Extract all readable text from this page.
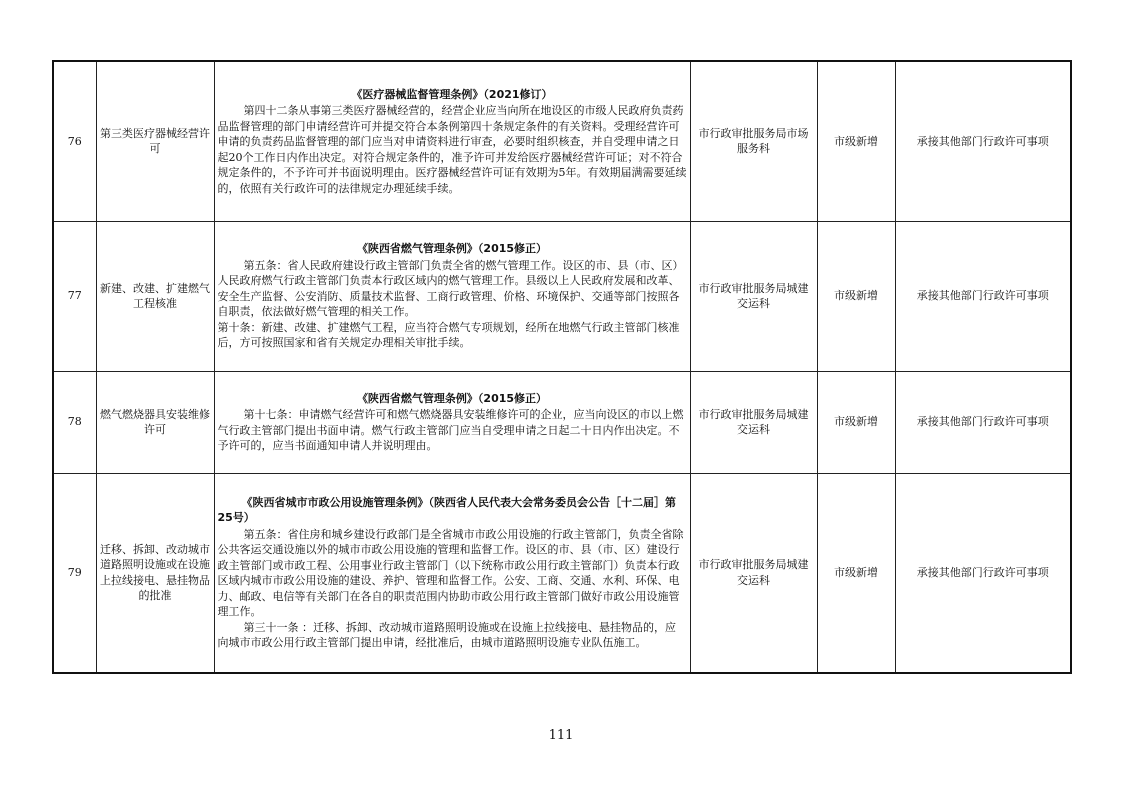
76	第三类医疗器械经营许可	《医疗器械监督管理条例》（2021修订）

第四十二条从事第三类医疗器械经营的，经营企业应当向所在地设区的市级人民政府负责药品监督管理的部门申请经营许可并提交符合本条例第四十条规定条件的有关资料。受理经营许可申请的负责药品监督管理的部门应当对申请资料进行审查，必要时组织核查，并自受理申请之日起20个工作日内作出决定。对符合规定条件的，准予许可并发给医疗器械经营许可证；对不符合规定条件的，不予许可并书面说明理由。医疗器械经营许可证有效期为5年。有效期届满需要延续的，依照有关行政许可的法律规定办理延续手续。	市行政审批服务局市场服务科	市级新增	承接其他部门行政许可事项
77	新建、改建、扩建燃气工程核准	《陕西省燃气管理条例》（2015修正）

第五条：省人民政府建设行政主管部门负责全省的燃气管理工作。设区的市、县（市、区）人民政府燃气行政主管部门负责本行政区域内的燃气管理工作。县级以上人民政府发展和改革、安全生产监督、公安消防、质量技术监督、工商行政管理、价格、环境保护、交通等部门按照各自职责，依法做好燃气管理的相关工作。

第十条：新建、改建、扩建燃气工程，应当符合燃气专项规划，经所在地燃气行政主管部门核准后，方可按照国家和省有关规定办理相关审批手续。	市行政审批服务局城建交运科	市级新增	承接其他部门行政许可事项
78	燃气燃烧器具安装维修许可	《陕西省燃气管理条例》（2015修正）

第十七条：申请燃气经营许可和燃气燃烧器具安装维修许可的企业，应当向设区的市以上燃气行政主管部门提出书面申请。燃气行政主管部门应当自受理申请之日起二十日内作出决定。不予许可的，应当书面通知申请人并说明理由。	市行政审批服务局城建交运科	市级新增	承接其他部门行政许可事项
79	迁移、拆卸、改动城市道路照明设施或在设施上拉线接电、悬挂物品的批准	《陕西省城市市政公用设施管理条例》（陕西省人民代表大会常务委员会公告［十二届］第25号）

第五条：省住房和城乡建设行政部门是全省城市市政公用设施的行政主管部门，负责全省除公共客运交通设施以外的城市市政公用设施的管理和监督工作。设区的市、县（市、区）建设行政主管部门或市政工程、公用事业行政主管部门（以下统称市政公用行政主管部门）负责本行政区域内城市市政公用设施的建设、养护、管理和监督工作。公安、工商、交通、水利、环保、电力、邮政、电信等有关部门在各自的职责范围内协助市政公用行政主管部门做好市政公用设施管理工作。

第三十一条 ：迁移、拆卸、改动城市道路照明设施或在设施上拉线接电、悬挂物品的，应向城市市政公用行政主管部门提出申请，经批准后，由城市道路照明设施专业队伍施工。	市行政审批服务局城建交运科	市级新增	承接其他部门行政许可事项
111
